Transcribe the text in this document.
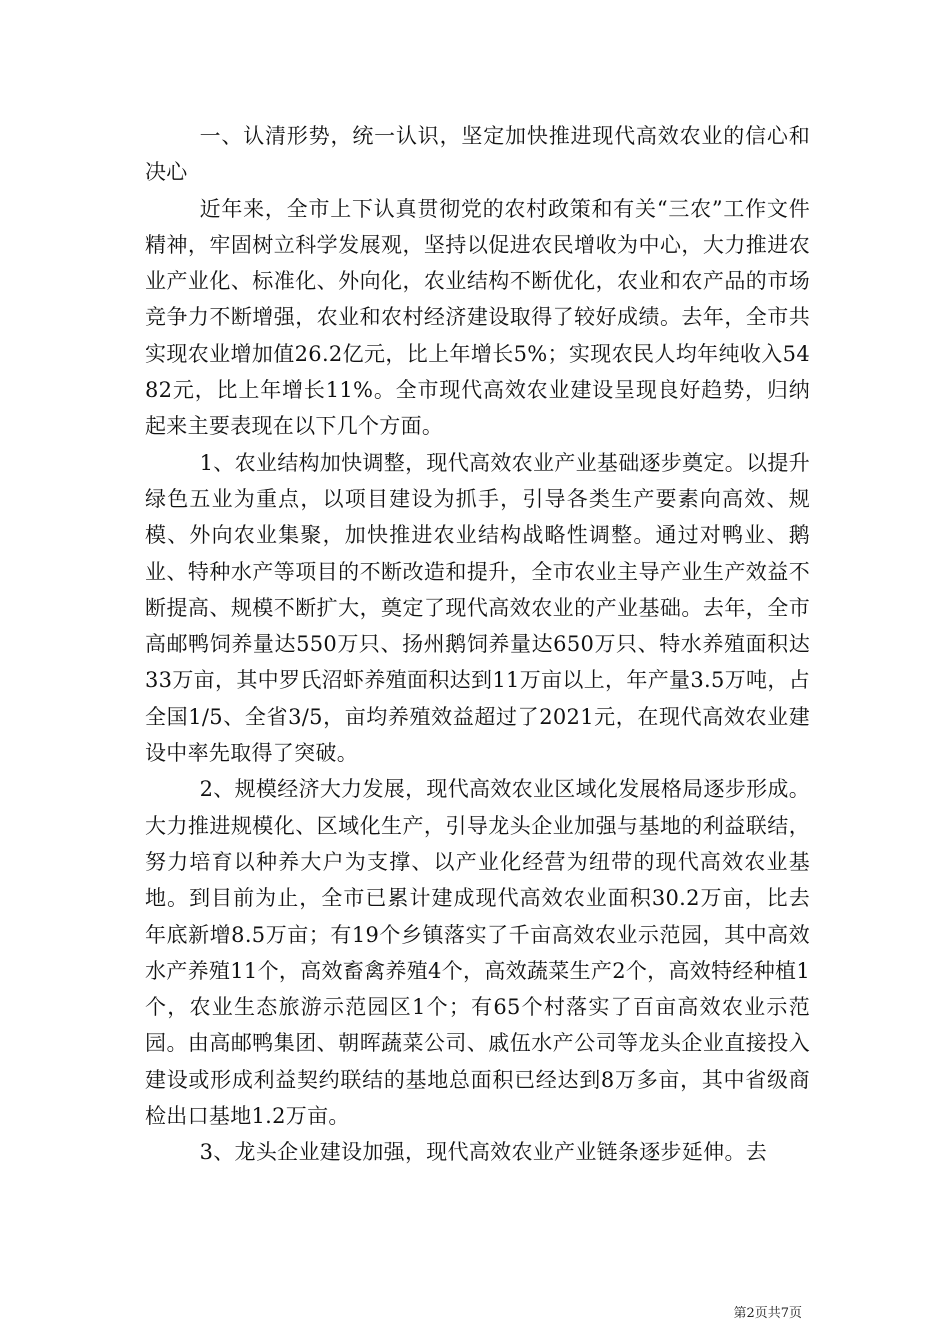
一、认清形势，统一认识，坚定加快推进现代高效农业的信心和决心

近年来，全市上下认真贯彻党的农村政策和有关“三农”工作文件精神，牢固树立科学发展观，坚持以促进农民增收为中心，大力推进农业产业化、标准化、外向化，农业结构不断优化，农业和农产品的市场竞争力不断增强，农业和农村经济建设取得了较好成绩。去年，全市共实现农业增加值26.2亿元，比上年增长5%；实现农民人均年纯收入5482元，比上年增长11%。全市现代高效农业建设呈现良好趋势，归纳起来主要表现在以下几个方面。

1、农业结构加快调整，现代高效农业产业基础逐步奠定。以提升绿色五业为重点，以项目建设为抓手，引导各类生产要素向高效、规模、外向农业集聚，加快推进农业结构战略性调整。通过对鸭业、鹅业、特种水产等项目的不断改造和提升，全市农业主导产业生产效益不断提高、规模不断扩大，奠定了现代高效农业的产业基础。去年，全市高邮鸭饲养量达550万只、扬州鹅饲养量达650万只、特水养殖面积达33万亩，其中罗氏沼虾养殖面积达到11万亩以上，年产量3.5万吨，占全国1/5、全省3/5，亩均养殖效益超过了2021元，在现代高效农业建设中率先取得了突破。

2、规模经济大力发展，现代高效农业区域化发展格局逐步形成。大力推进规模化、区域化生产，引导龙头企业加强与基地的利益联结，努力培育以种养大户为支撑、以产业化经营为纽带的现代高效农业基地。到目前为止，全市已累计建成现代高效农业面积30.2万亩，比去年底新增8.5万亩；有19个乡镇落实了千亩高效农业示范园，其中高效水产养殖11个，高效畜禽养殖4个，高效蔬菜生产2个，高效特经种植1个，农业生态旅游示范园区1个；有65个村落实了百亩高效农业示范园。由高邮鸭集团、朝晖蔬菜公司、戚伍水产公司等龙头企业直接投入建设或形成利益契约联结的基地总面积已经达到8万多亩，其中省级商检出口基地1.2万亩。

3、龙头企业建设加强，现代高效农业产业链条逐步延伸。去

第2页共7页
